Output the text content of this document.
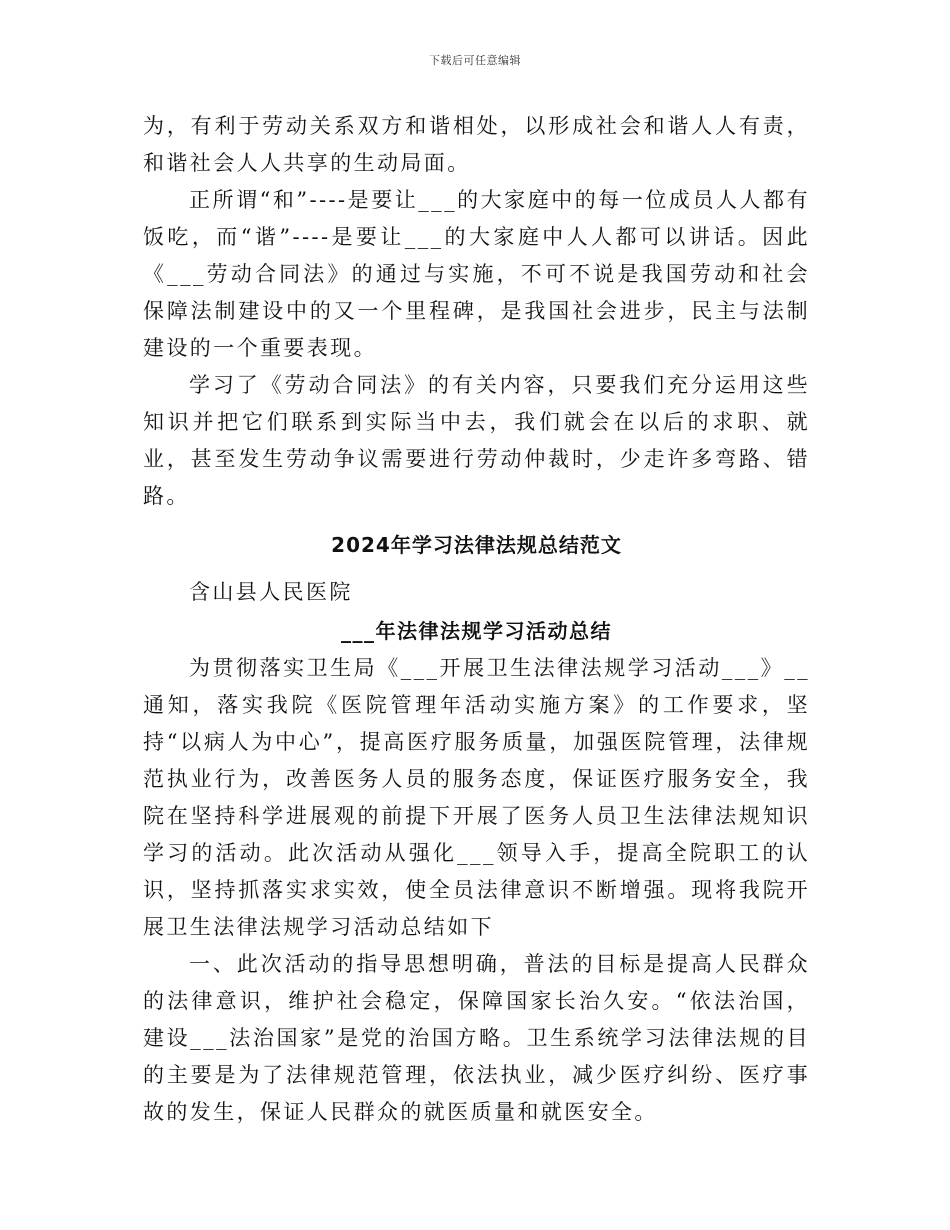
下载后可任意编辑

为，有利于劳动关系双方和谐相处，以形成社会和谐人人有责，和谐社会人人共享的生动局面。

正所谓“和”----是要让___的大家庭中的每一位成员人人都有饭吃，而“谐”----是要让___的大家庭中人人都可以讲话。因此《___劳动合同法》的通过与实施，不可不说是我国劳动和社会保障法制建设中的又一个里程碑，是我国社会进步，民主与法制建设的一个重要表现。

学习了《劳动合同法》的有关内容，只要我们充分运用这些知识并把它们联系到实际当中去，我们就会在以后的求职、就业，甚至发生劳动争议需要进行劳动仲裁时，少走许多弯路、错路。

2024年学习法律法规总结范文

含山县人民医院

___年法律法规学习活动总结

为贯彻落实卫生局《___开展卫生法律法规学习活动___》__通知，落实我院《医院管理年活动实施方案》的工作要求，坚持“以病人为中心”，提高医疗服务质量，加强医院管理，法律规范执业行为，改善医务人员的服务态度，保证医疗服务安全，我院在坚持科学进展观的前提下开展了医务人员卫生法律法规知识学习的活动。此次活动从强化___领导入手，提高全院职工的认识，坚持抓落实求实效，使全员法律意识不断增强。现将我院开展卫生法律法规学习活动总结如下

一、此次活动的指导思想明确，普法的目标是提高人民群众的法律意识，维护社会稳定，保障国家长治久安。“依法治国，建设___法治国家”是党的治国方略。卫生系统学习法律法规的目的主要是为了法律规范管理，依法执业，减少医疗纠纷、医疗事故的发生，保证人民群众的就医质量和就医安全。
